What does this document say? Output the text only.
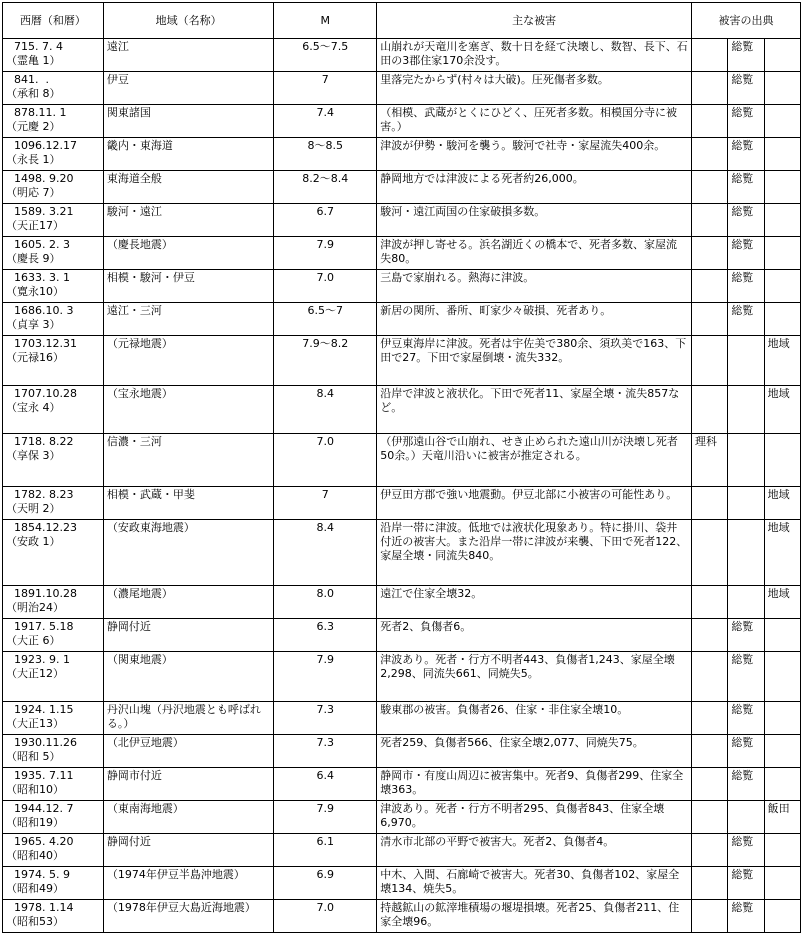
西暦（和暦）	地域（名称）	M	主な被害	被害の出典		

715. 7. 4
（霊亀 1）	遠江	6.5～7.5	山崩れが天竜川を塞ぎ、数十日を経て決壊し、数智、長下、石田の3郡住家170余没す。		総覧	

841.  .
（承和 8）	伊豆	7	里落完たからず(村々は大破)。圧死傷者多数。		総覧	

878.11. 1
（元慶 2）	関東諸国	7.4	（相模、武蔵がとくにひどく、圧死者多数。相模国分寺に被害。）		総覧	

1096.12.17
（永長 1）	畿内・東海道	8～8.5	津波が伊勢・駿河を襲う。駿河で社寺・家屋流失400余。		総覧	

1498. 9.20
（明応 7）	東海道全般	8.2～8.4	静岡地方では津波による死者約26,000。		総覧	

1589. 3.21
（天正17）	駿河・遠江	6.7	駿河・遠江両国の住家破損多数。		総覧	

1605. 2. 3
（慶長 9）	（慶長地震）	7.9	津波が押し寄せる。浜名湖近くの橋本で、死者多数、家屋流失80。		総覧	

1633. 3. 1
（寛永10）	相模・駿河・伊豆	7.0	三島で家崩れる。熱海に津波。		総覧	

1686.10. 3
（貞享 3）	遠江・三河	6.5～7	新居の関所、番所、町家少々破損、死者あり。		総覧	

1703.12.31
（元禄16）	（元禄地震）	7.9～8.2	伊豆東海岸に津波。死者は宇佐美で380余、須玖美で163、下田で27。下田で家屋倒壊・流失332。			地域

1707.10.28
（宝永 4）	（宝永地震）	8.4	沿岸で津波と液状化。下田で死者11、家屋全壊・流失857など。			地域

1718. 8.22
（享保 3）	信濃・三河	7.0	（伊那遠山谷で山崩れ、せき止められた遠山川が決壊し死者50余。）天竜川沿いに被害が推定される。	理科		

1782. 8.23
（天明 2）	相模・武蔵・甲斐	7	伊豆田方郡で強い地震動。伊豆北部に小被害の可能性あり。			地域

1854.12.23
（安政 1）	（安政東海地震）	8.4	沿岸一帯に津波。低地では液状化現象あり。特に掛川、袋井付近の被害大。また沿岸一帯に津波が来襲、下田で死者122、家屋全壊・同流失840。			地域

1891.10.28
（明治24）	（濃尾地震）	8.0	遠江で住家全壊32。			地域

1917. 5.18
（大正 6）	静岡付近	6.3	死者2、負傷者6。		総覧	

1923. 9. 1
（大正12）	（関東地震）	7.9	津波あり。死者・行方不明者443、負傷者1,243、家屋全壊2,298、同流失661、同焼失5。		総覧	

1924. 1.15
（大正13）	丹沢山塊（丹沢地震とも呼ばれる。）	7.3	駿東郡の被害。負傷者26、住家・非住家全壊10。		総覧	

1930.11.26
（昭和 5）	（北伊豆地震）	7.3	死者259、負傷者566、住家全壊2,077、同焼失75。		総覧	

1935. 7.11
（昭和10）	静岡市付近	6.4	静岡市・有度山周辺に被害集中。死者9、負傷者299、住家全壊363。		総覧	

1944.12. 7
（昭和19）	（東南海地震）	7.9	津波あり。死者・行方不明者295、負傷者843、住家全壊6,970。			飯田

1965. 4.20
（昭和40）	静岡付近	6.1	清水市北部の平野で被害大。死者2、負傷者4。		総覧	

1974. 5. 9
（昭和49）	（1974年伊豆半島沖地震）	6.9	中木、入間、石廊崎で被害大。死者30、負傷者102、家屋全壊134、焼失5。		総覧	

1978. 1.14
（昭和53）	（1978年伊豆大島近海地震）	7.0	持越鉱山の鉱滓堆積場の堰堤損壊。死者25、負傷者211、住家全壊96。		総覧	
